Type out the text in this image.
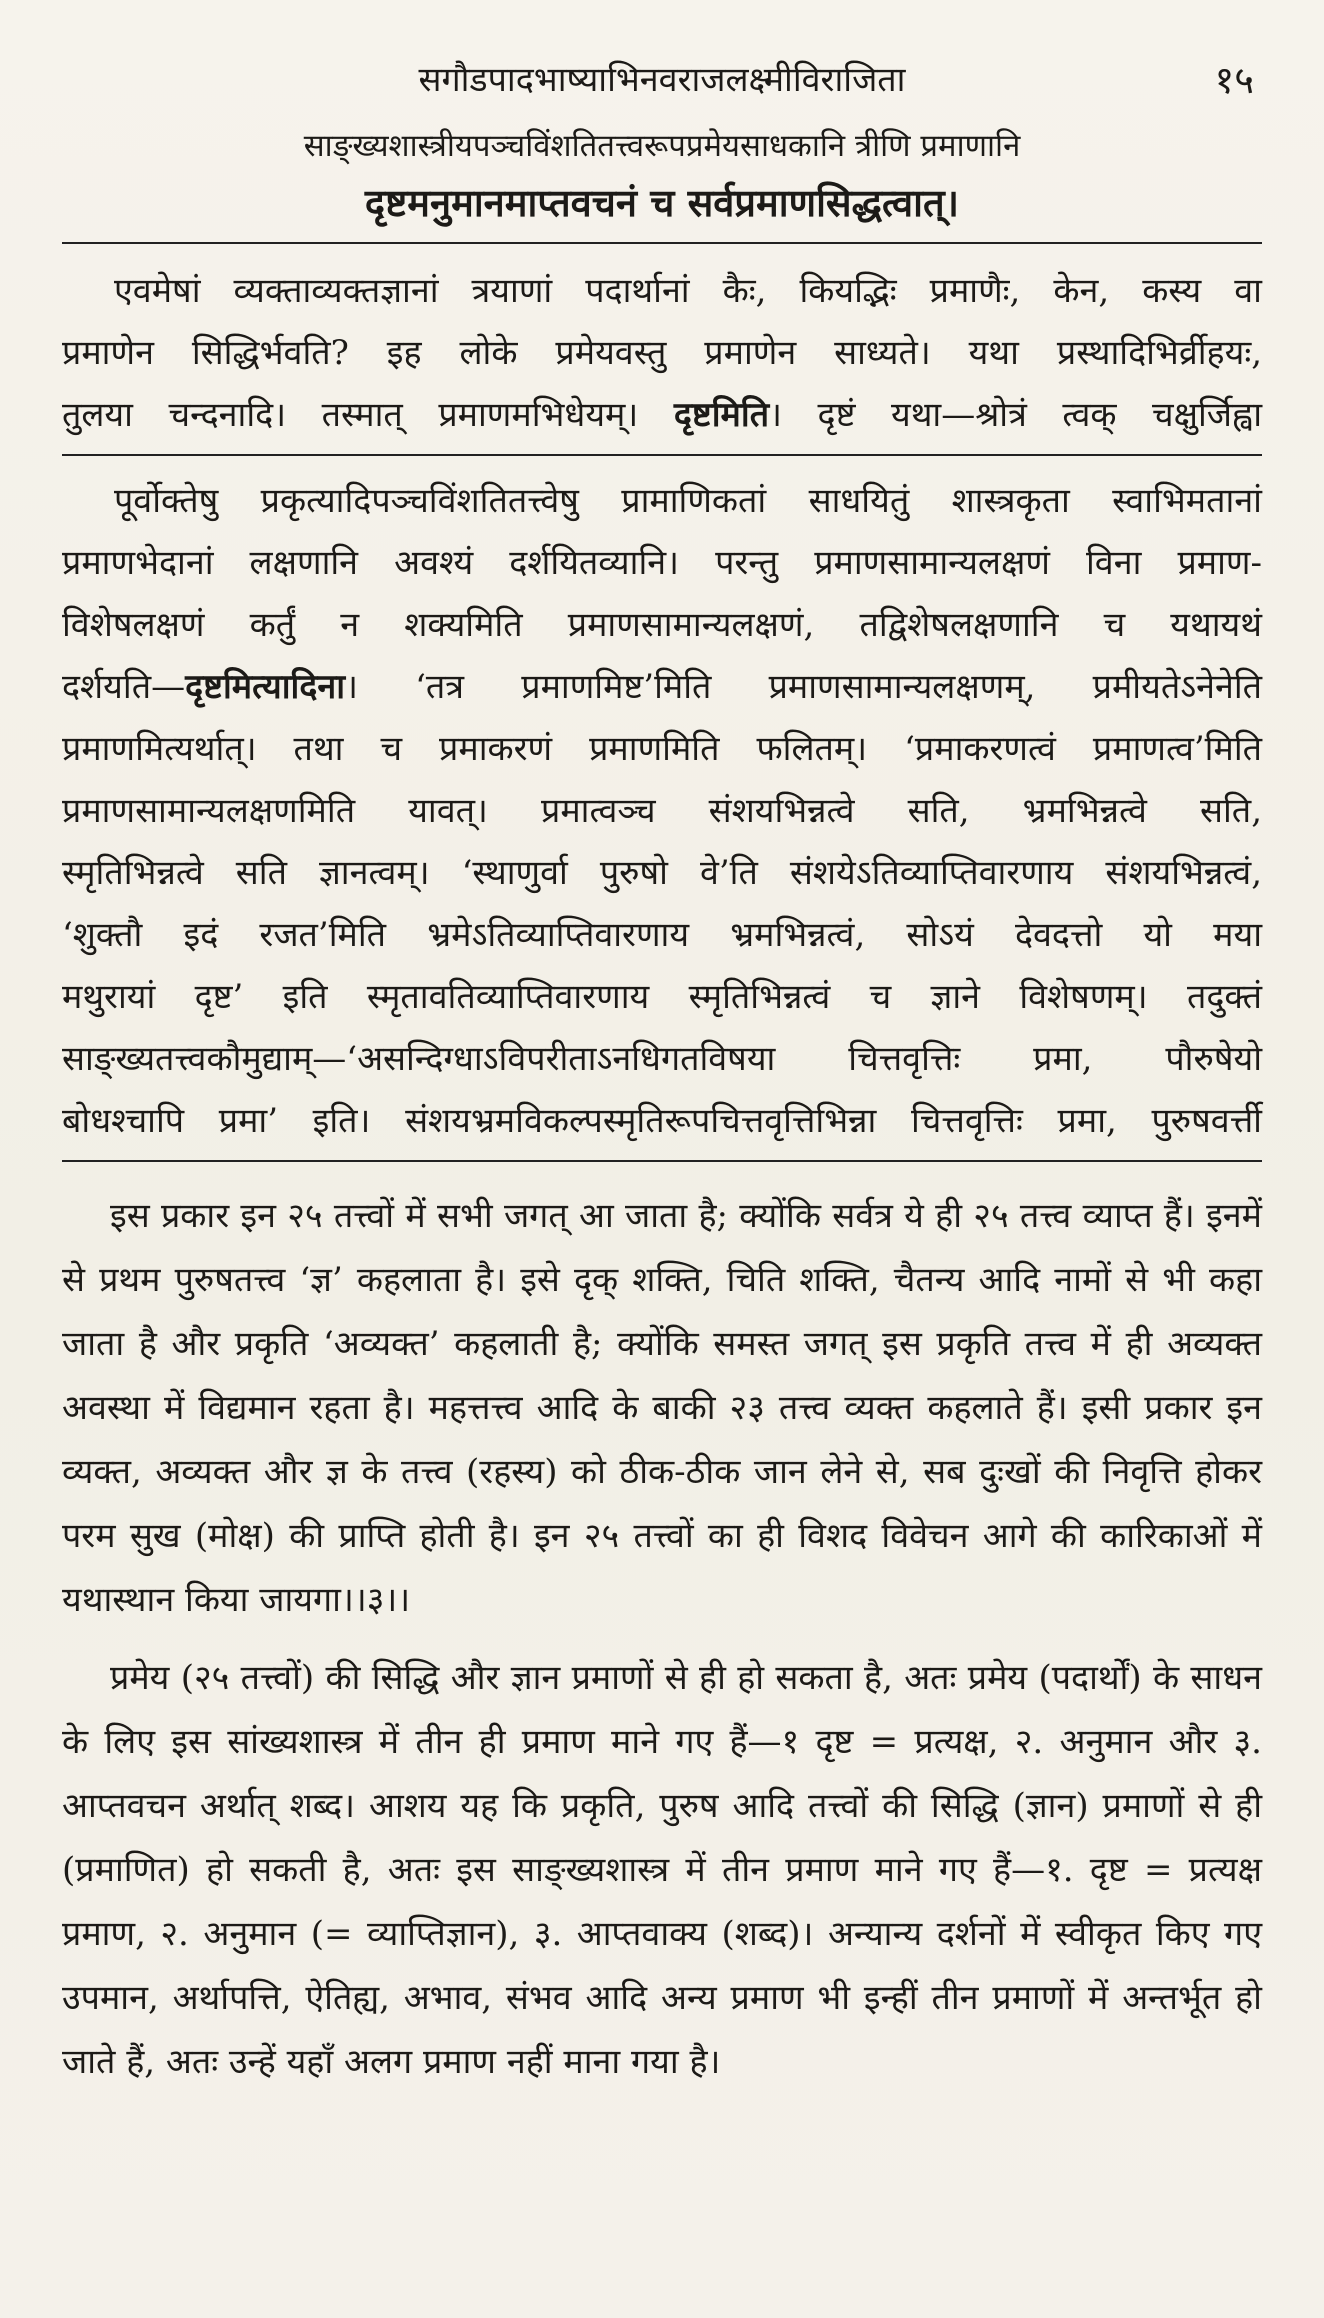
सगौडपादभाष्याभिनवराजलक्ष्मीविराजिता	१५
साङ्ख्यशास्त्रीयपञ्चविंशतितत्त्वरूपप्रमेयसाधकानि त्रीणि प्रमाणानि
दृष्टमनुमानमाप्तवचनं च सर्वप्रमाणसिद्धत्वात्।

एवमेषां व्यक्ताव्यक्तज्ञानां त्रयाणां पदार्थानां कैः, कियद्भिः प्रमाणैः, केन, कस्य वा

प्रमाणेन सिद्धिर्भवति? इह लोके प्रमेयवस्तु प्रमाणेन साध्यते। यथा प्रस्थादिभिर्व्रीहयः,

तुलया चन्दनादि। तस्मात् प्रमाणमभिधेयम्। दृष्टमिति। दृष्टं यथा—श्रोत्रं त्वक् चक्षुर्जिह्वा

पूर्वोक्तेषु प्रकृत्यादिपञ्चविंशतितत्त्वेषु प्रामाणिकतां साधयितुं शास्त्रकृता स्वाभिमतानां

प्रमाणभेदानां लक्षणानि अवश्यं दर्शयितव्यानि। परन्तु प्रमाणसामान्यलक्षणं विना प्रमाण-

विशेषलक्षणं कर्तुं न शक्यमिति प्रमाणसामान्यलक्षणं, तद्विशेषलक्षणानि च यथायथं

दर्शयति—दृष्टमित्यादिना। ‘तत्र प्रमाणमिष्ट’मिति प्रमाणसामान्यलक्षणम्, प्रमीयतेऽनेनेति

प्रमाणमित्यर्थात्। तथा च प्रमाकरणं प्रमाणमिति फलितम्। ‘प्रमाकरणत्वं प्रमाणत्व’मिति

प्रमाणसामान्यलक्षणमिति यावत्। प्रमात्वञ्च संशयभिन्नत्वे सति, भ्रमभिन्नत्वे सति,

स्मृतिभिन्नत्वे सति ज्ञानत्वम्। ‘स्थाणुर्वा पुरुषो वे’ति संशयेऽतिव्याप्तिवारणाय संशयभिन्नत्वं,

‘शुक्तौ इदं रजत’मिति भ्रमेऽतिव्याप्तिवारणाय भ्रमभिन्नत्वं, सोऽयं देवदत्तो यो मया

मथुरायां दृष्ट’ इति स्मृतावतिव्याप्तिवारणाय स्मृतिभिन्नत्वं च ज्ञाने विशेषणम्। तदुक्तं

साङ्ख्यतत्त्वकौमुद्याम्—‘असन्दिग्धाऽविपरीताऽनधिगतविषया चित्तवृत्तिः प्रमा, पौरुषेयो

बोधश्चापि प्रमा’ इति। संशयभ्रमविकल्पस्मृतिरूपचित्तवृत्तिभिन्ना चित्तवृत्तिः प्रमा, पुरुषवर्त्ती

इस प्रकार इन २५ तत्त्वों में सभी जगत् आ जाता है; क्योंकि सर्वत्र ये ही २५ तत्त्व व्याप्त हैं। इनमें से प्रथम पुरुषतत्त्व ‘ज्ञ’ कहलाता है। इसे दृक् शक्ति, चिति शक्ति, चैतन्य आदि नामों से भी कहा जाता है और प्रकृति ‘अव्यक्त’ कहलाती है; क्योंकि समस्त जगत् इस प्रकृति तत्त्व में ही अव्यक्त अवस्था में विद्यमान रहता है। महत्तत्त्व आदि के बाकी २३ तत्त्व व्यक्त कहलाते हैं। इसी प्रकार इन व्यक्त, अव्यक्त और ज्ञ के तत्त्व (रहस्य) को ठीक-ठीक जान लेने से, सब दुःखों की निवृत्ति होकर परम सुख (मोक्ष) की प्राप्ति होती है। इन २५ तत्त्वों का ही विशद विवेचन आगे की कारिकाओं में यथास्थान किया जायगा।।३।।

प्रमेय (२५ तत्त्वों) की सिद्धि और ज्ञान प्रमाणों से ही हो सकता है, अतः प्रमेय (पदार्थों) के साधन के लिए इस सांख्यशास्त्र में तीन ही प्रमाण माने गए हैं—१ दृष्ट = प्रत्यक्ष, २. अनुमान और ३. आप्तवचन अर्थात् शब्द। आशय यह कि प्रकृति, पुरुष आदि तत्त्वों की सिद्धि (ज्ञान) प्रमाणों से ही (प्रमाणित) हो सकती है, अतः इस साङ्ख्यशास्त्र में तीन प्रमाण माने गए हैं—१. दृष्ट = प्रत्यक्ष प्रमाण, २. अनुमान (= व्याप्तिज्ञान), ३. आप्तवाक्य (शब्द)। अन्यान्य दर्शनों में स्वीकृत किए गए उपमान, अर्थापत्ति, ऐतिह्य, अभाव, संभव आदि अन्य प्रमाण भी इन्हीं तीन प्रमाणों में अन्तर्भूत हो जाते हैं, अतः उन्हें यहाँ अलग प्रमाण नहीं माना गया है।
